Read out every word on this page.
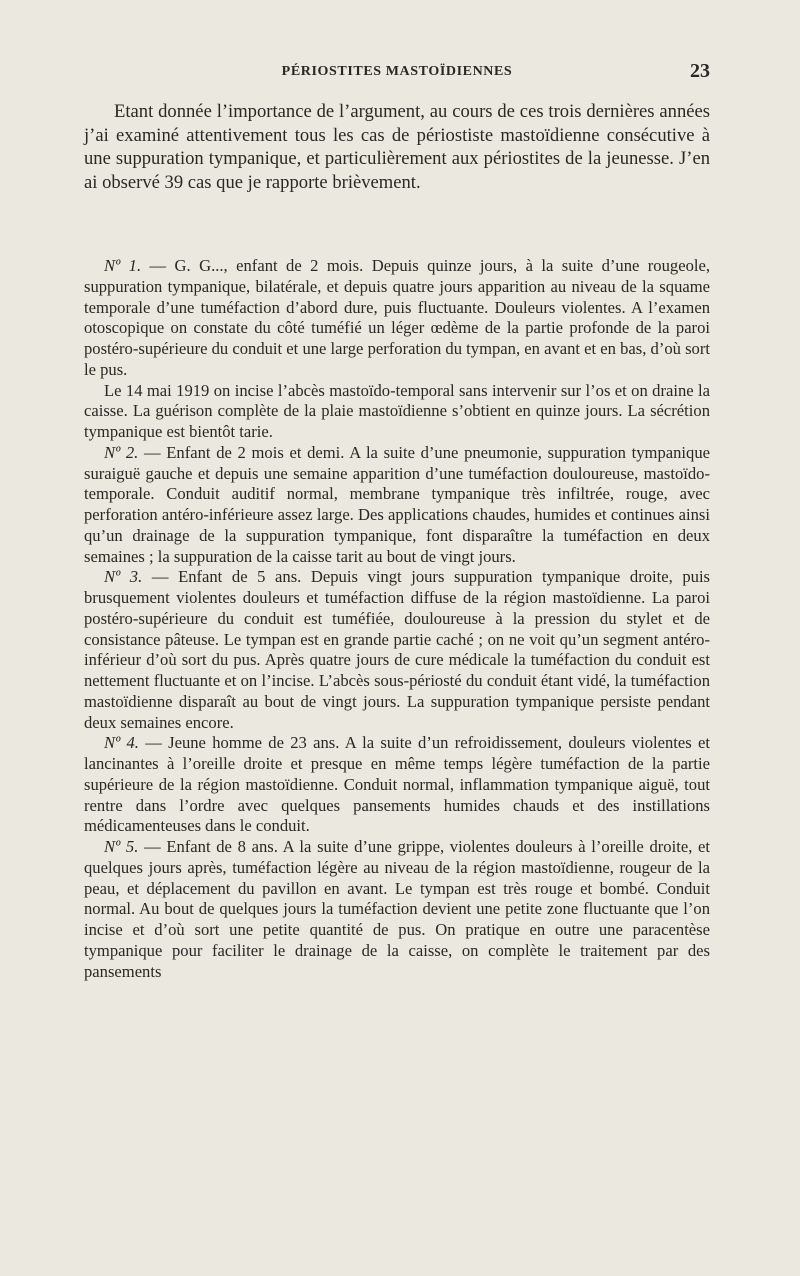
PÉRIOSTITES MASTOÏDIENNES	23

Etant donnée l’importance de l’argument, au cours de ces trois dernières années j’ai examiné attentivement tous les cas de périostiste mastoïdienne consécutive à une suppuration tympanique, et particulièrement aux périostites de la jeunesse. J’en ai observé 39 cas que je rapporte brièvement.

Nº 1. — G. G..., enfant de 2 mois. Depuis quinze jours, à la suite d’une rougeole, suppuration tympanique, bilatérale, et depuis quatre jours apparition au niveau de la squame temporale d’une tuméfaction d’abord dure, puis fluctuante. Douleurs violentes. A l’examen otoscopique on constate du côté tuméfié un léger œdème de la partie profonde de la paroi postéro-supérieure du conduit et une large perforation du tympan, en avant et en bas, d’où sort le pus.

Le 14 mai 1919 on incise l’abcès mastoïdo-temporal sans intervenir sur l’os et on draine la caisse. La guérison complète de la plaie mastoïdienne s’obtient en quinze jours. La sécrétion tympanique est bientôt tarie.

Nº 2. — Enfant de 2 mois et demi. A la suite d’une pneumonie, suppuration tympanique suraiguë gauche et depuis une semaine apparition d’une tuméfaction douloureuse, mastoïdo-temporale. Conduit auditif normal, membrane tympanique très infiltrée, rouge, avec perforation antéro-inférieure assez large. Des applications chaudes, humides et continues ainsi qu’un drainage de la suppuration tympanique, font disparaître la tuméfaction en deux semaines ; la suppuration de la caisse tarit au bout de vingt jours.

Nº 3. — Enfant de 5 ans. Depuis vingt jours suppuration tympanique droite, puis brusquement violentes douleurs et tuméfaction diffuse de la région mastoïdienne. La paroi postéro-supérieure du conduit est tuméfiée, douloureuse à la pression du stylet et de consistance pâteuse. Le tympan est en grande partie caché ; on ne voit qu’un segment antéro-inférieur d’où sort du pus. Après quatre jours de cure médicale la tuméfaction du conduit est nettement fluctuante et on l’incise. L’abcès sous-périosté du conduit étant vidé, la tuméfaction mastoïdienne disparaît au bout de vingt jours. La suppuration tympanique persiste pendant deux semaines encore.

Nº 4. — Jeune homme de 23 ans. A la suite d’un refroidissement, douleurs violentes et lancinantes à l’oreille droite et presque en même temps légère tuméfaction de la partie supérieure de la région mastoïdienne. Conduit normal, inflammation tympanique aiguë, tout rentre dans l’ordre avec quelques pansements humides chauds et des instillations médicamenteuses dans le conduit.

Nº 5. — Enfant de 8 ans. A la suite d’une grippe, violentes douleurs à l’oreille droite, et quelques jours après, tuméfaction légère au niveau de la région mastoïdienne, rougeur de la peau, et déplacement du pavillon en avant. Le tympan est très rouge et bombé. Conduit normal. Au bout de quelques jours la tuméfaction devient une petite zone fluctuante que l’on incise et d’où sort une petite quantité de pus. On pratique en outre une paracentèse tympanique pour faciliter le drainage de la caisse, on complète le traitement par des pansements
